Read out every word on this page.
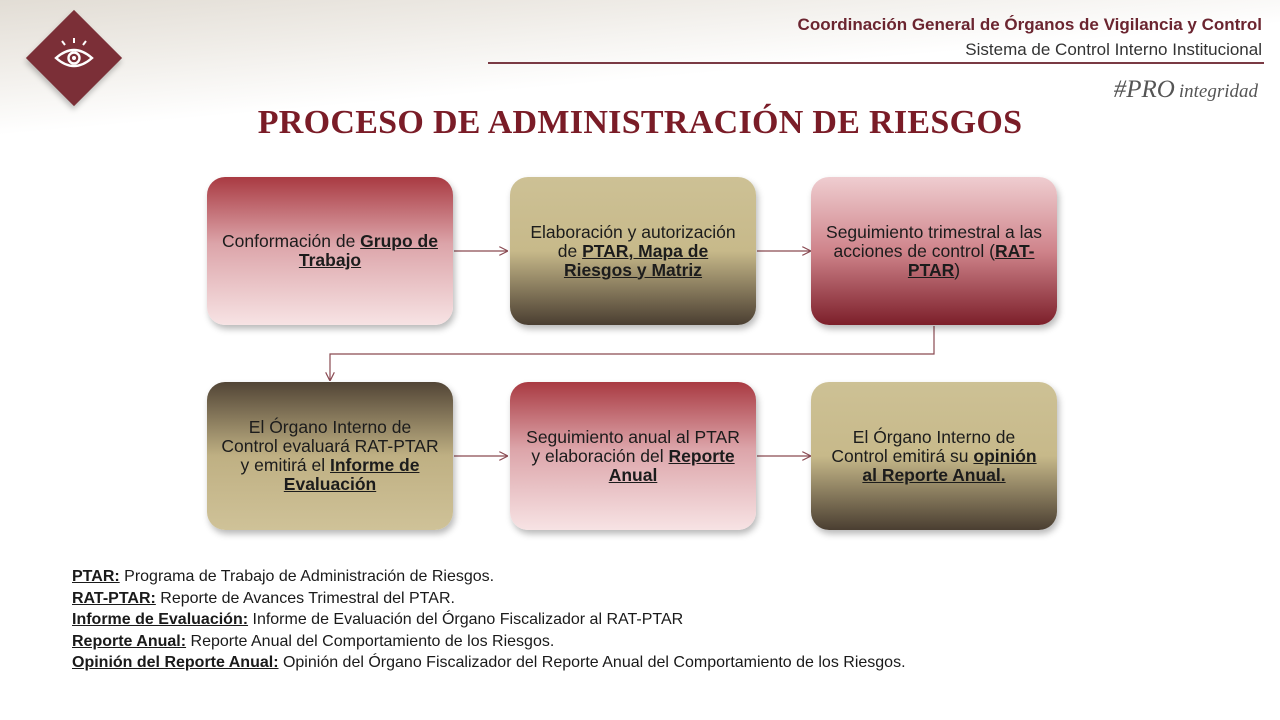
Coordinación General de Órganos de Vigilancia y Control
Sistema de Control Interno Institucional
#PRO integridad
PROCESO DE ADMINISTRACIÓN DE RIESGOS
Conformación de Grupo de Trabajo
Elaboración y autorización de PTAR, Mapa de Riesgos y Matriz
Seguimiento trimestral a las acciones de control (RAT-PTAR)
El Órgano Interno de Control evaluará RAT-PTAR y emitirá el Informe de Evaluación
Seguimiento anual al PTAR y elaboración del Reporte Anual
El Órgano Interno de Control emitirá su opinión al Reporte Anual.
PTAR: Programa de Trabajo de Administración de Riesgos.
RAT-PTAR: Reporte de Avances Trimestral del PTAR.
Informe de Evaluación: Informe de Evaluación del Órgano Fiscalizador al RAT-PTAR
Reporte Anual: Reporte Anual del Comportamiento de los Riesgos.
Opinión del Reporte Anual: Opinión del Órgano Fiscalizador del Reporte Anual del Comportamiento de los Riesgos.
